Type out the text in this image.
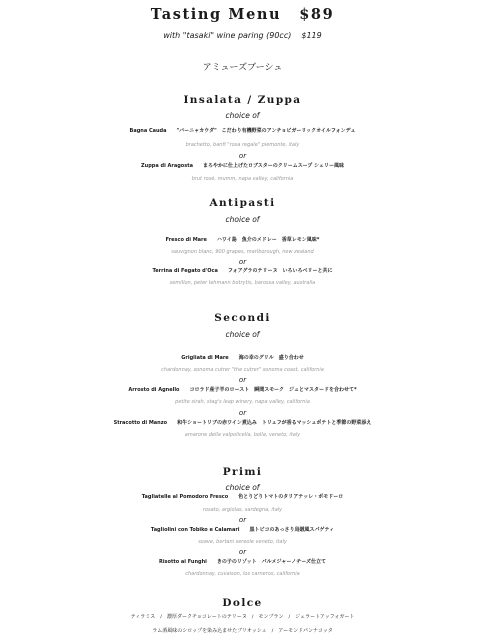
Tasting Menu $89
with "tasaki" wine paring (90cc) $119
アミューズブーシュ
Insalata / Zuppa
choice of
Bagna Cauda "バーニャカウダ"　こだわり有機野菜のアンチョビガーリックオイルフォンデュ
brachetto, banfi "rosa regale" piemonte, italy
or
Zuppa di Aragosta まろやかに仕上げたロブスターのクリームスープ シェリー風味
brut rosé, mumm, napa valley, california
Antipasti
choice of
Fresco di Mare ハワイ島　魚介のメドレー　香草レモン風味*
sauvignon blanc, 900 grapes, marlborough, new zealand
or
Terrina di Fegato d'Oca フォアグラのテリーヌ　いろいろベリーと共に
semillon, peter lehmann botrytis, barossa valley, australia
Secondi
choice of
Grigliata di Mare 海の幸のグリル　盛り合わせ
chardonnay, sonoma cutrer "the cutrer" sonoma coast, california
or
Arrosto di Agnello コロラド産子羊のロースト　瞬間スモーク　ジュとマスタードを合わせて*
petite sirah, stag's leap winery, napa valley, california
or
Stracotto di Manzo 和牛ショートリブの赤ワイン煮込み　トリュフが香るマッシュポテトと季節の野菜添え
amarone della valpolicella, bolla, veneto, italy
Primi
choice of
Tagliatelle al Pomodoro Fresco 色とりどりトマトのタリアテッレ・ポモドーロ
rosato, argiolas, sardegna, italy
or
Tagliolini con Tobiko e Calamari 黒トビコのあっさり烏賊風スパゲティ
soave, bertani sereole veneto, italy
or
Risotto ai Funghi きの子のリゾット　パルメジャーノチーズ仕立て
chardonnay, cuvaison, los carneros, california
Dolce
ティラミス　/　濃厚ダークチョコレートのテリーヌ　/　モンブラン　/　ジェラートアッフォガート
ラム酒風味のシロップを染み込ませたブリオッシュ　/　アーモンドパンナコッタ
